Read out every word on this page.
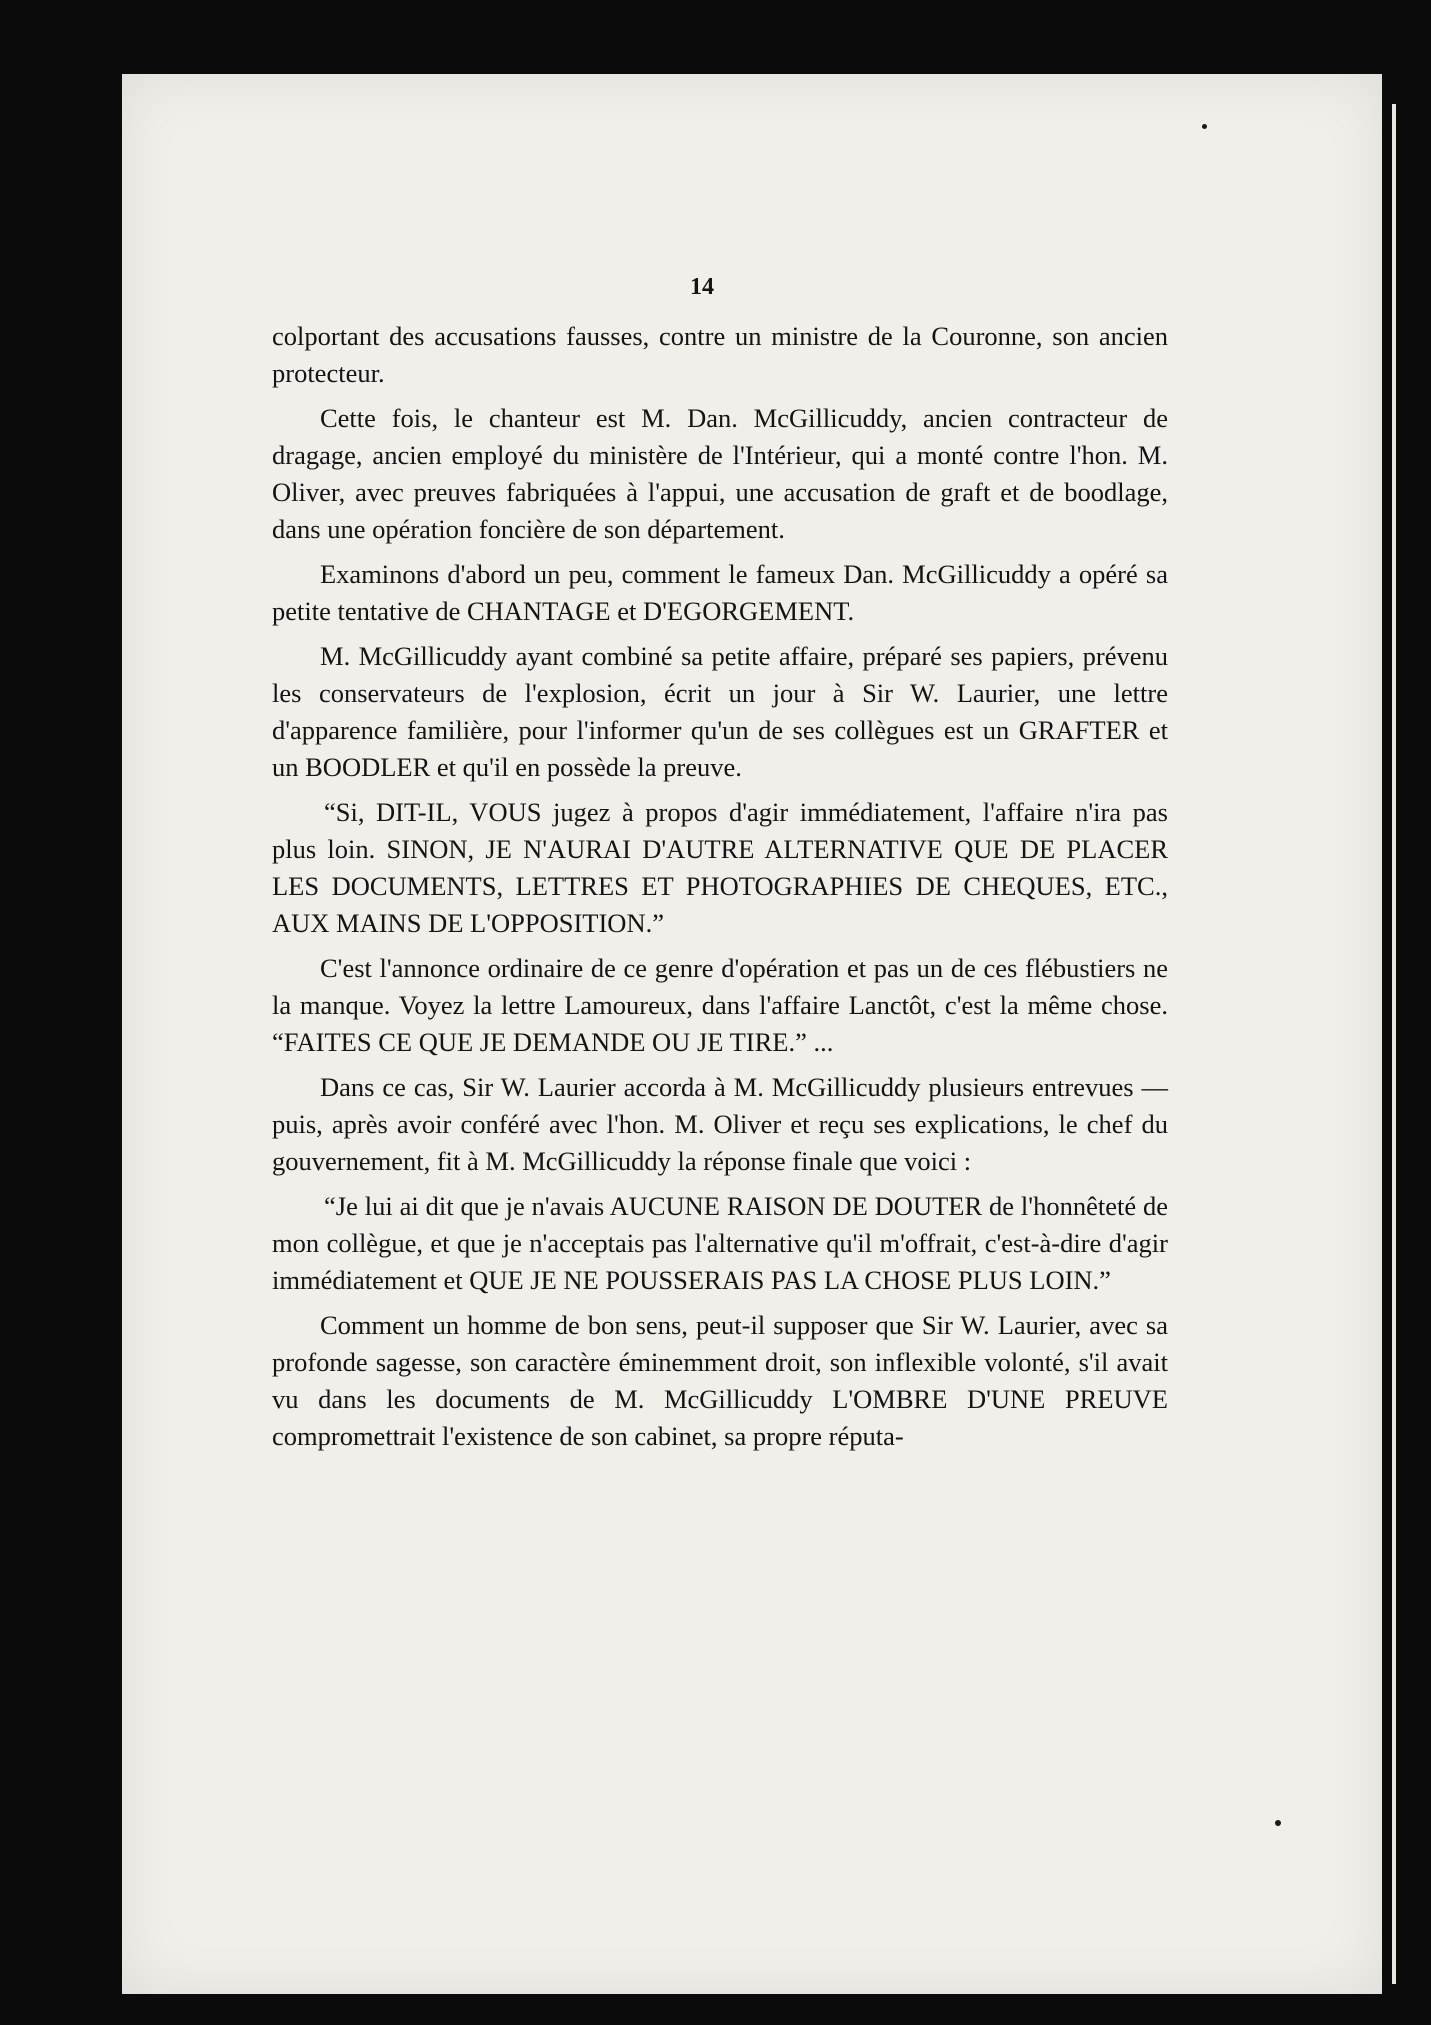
14

colportant des accusations fausses, contre un ministre de la Couronne, son ancien protecteur.

Cette fois, le chanteur est M. Dan. McGillicuddy, ancien contracteur de dragage, ancien employé du ministère de l'Intérieur, qui a monté contre l'hon. M. Oliver, avec preuves fabriquées à l'appui, une accusation de graft et de boodlage, dans une opération foncière de son département.

Examinons d'abord un peu, comment le fameux Dan. McGillicuddy a opéré sa petite tentative de CHANTAGE et D'EGORGEMENT.

M. McGillicuddy ayant combiné sa petite affaire, préparé ses papiers, prévenu les conservateurs de l'explosion, écrit un jour à Sir W. Laurier, une lettre d'apparence familière, pour l'informer qu'un de ses collègues est un GRAFTER et un BOODLER et qu'il en possède la preuve.

“Si, DIT-IL, VOUS jugez à propos d'agir immédiatement, l'affaire n'ira pas plus loin. SINON, JE N'AURAI D'AUTRE ALTERNATIVE QUE DE PLACER LES DOCUMENTS, LETTRES ET PHOTOGRAPHIES DE CHEQUES, ETC., AUX MAINS DE L'OPPOSITION.”

C'est l'annonce ordinaire de ce genre d'opération et pas un de ces flébustiers ne la manque. Voyez la lettre Lamoureux, dans l'affaire Lanctôt, c'est la même chose. “FAITES CE QUE JE DEMANDE OU JE TIRE.” ...

Dans ce cas, Sir W. Laurier accorda à M. McGillicuddy plusieurs entrevues — puis, après avoir conféré avec l'hon. M. Oliver et reçu ses explications, le chef du gouvernement, fit à M. McGillicuddy la réponse finale que voici :

“Je lui ai dit que je n'avais AUCUNE RAISON DE DOUTER de l'honnêteté de mon collègue, et que je n'acceptais pas l'alternative qu'il m'offrait, c'est-à-dire d'agir immédiatement et QUE JE NE POUSSERAIS PAS LA CHOSE PLUS LOIN.”

Comment un homme de bon sens, peut-il supposer que Sir W. Laurier, avec sa profonde sagesse, son caractère éminemment droit, son inflexible volonté, s'il avait vu dans les documents de M. McGillicuddy L'OMBRE D'UNE PREUVE compromettrait l'existence de son cabinet, sa propre réputa-
